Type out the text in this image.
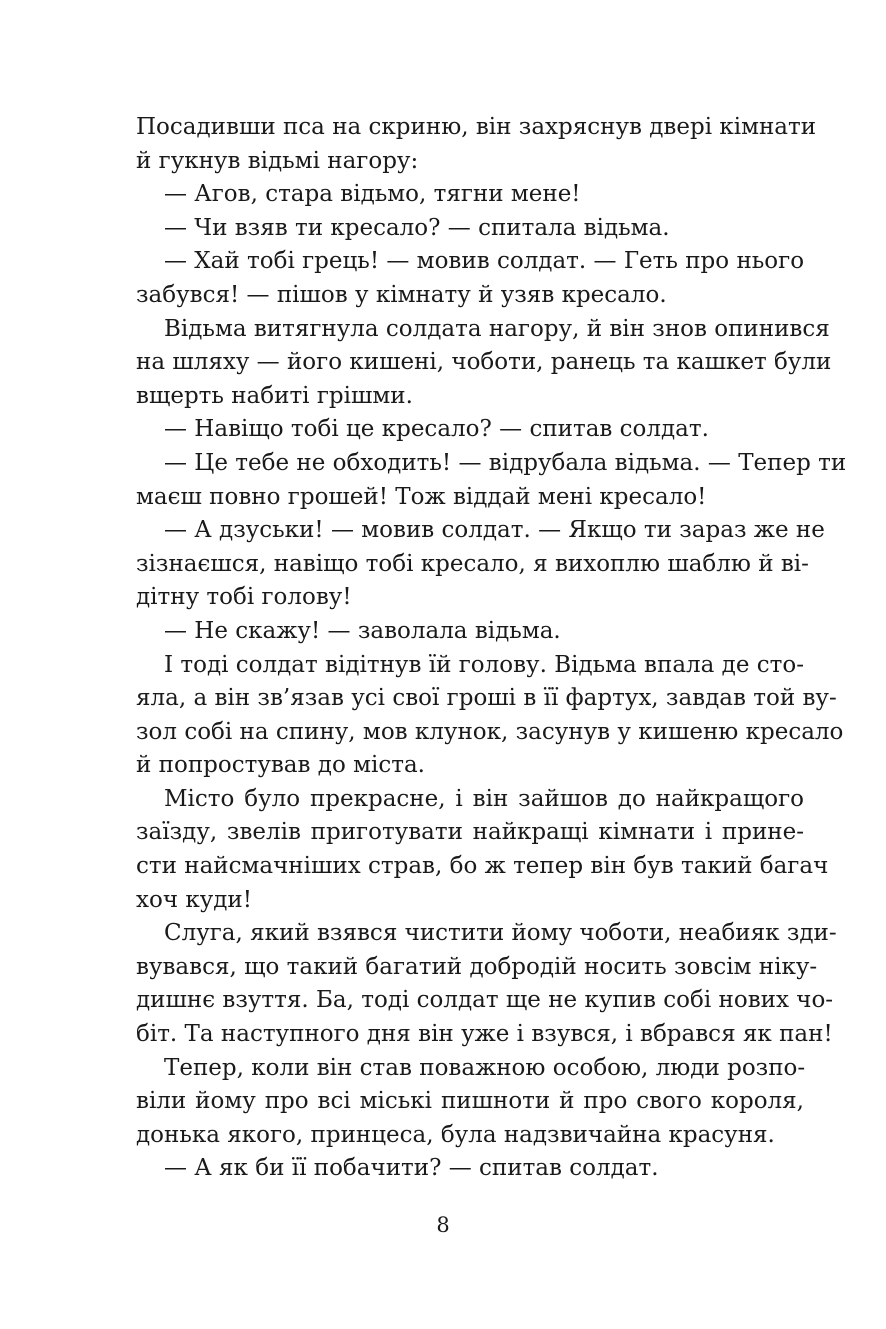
Посадивши пса на скриню, він захряснув двері кімнати
й гукнув відьмі нагору:
— Агов, стара відьмо, тягни мене!
— Чи взяв ти кресало? — спитала відьма.
— Хай тобі грець! — мовив солдат. — Геть про нього
забувся! — пішов у кімнату й узяв кресало.
Відьма витягнула солдата нагору, й він знов опинився
на шляху — його кишені, чоботи, ранець та кашкет були
вщерть набиті грішми.
— Навіщо тобі це кресало? — спитав солдат.
— Це тебе не обходить! — відрубала відьма. — Тепер ти
маєш повно грошей! Тож віддай мені кресало!
— А дзуськи! — мовив солдат. — Якщо ти зараз же не
зізнаєшся, навіщо тобі кресало, я вихоплю шаблю й ві-
дітну тобі голову!
— Не скажу! — заволала відьма.
І тоді солдат відітнув їй голову. Відьма впала де сто-
яла, а він зв’язав усі свої гроші в її фартух, завдав той ву-
зол собі на спину, мов клунок, засунув у кишеню кресало
й попростував до міста.
Місто було прекрасне, і він зайшов до найкращого
заїзду, звелів приготувати найкращі кімнати і прине-
сти найсмачніших страв, бо ж тепер він був такий багач
хоч куди!
Слуга, який взявся чистити йому чоботи, неабияк зди-
вувався, що такий багатий добродій носить зовсім ніку-
дишнє взуття. Ба, тоді солдат ще не купив собі нових чо-
біт. Та наступного дня він уже і взувся, і вбрався як пан!
Тепер, коли він став поважною особою, люди розпо-
віли йому про всі міські пишноти й про свого короля,
донька якого, принцеса, була надзвичайна красуня.
— А як би її побачити? — спитав солдат.
8
